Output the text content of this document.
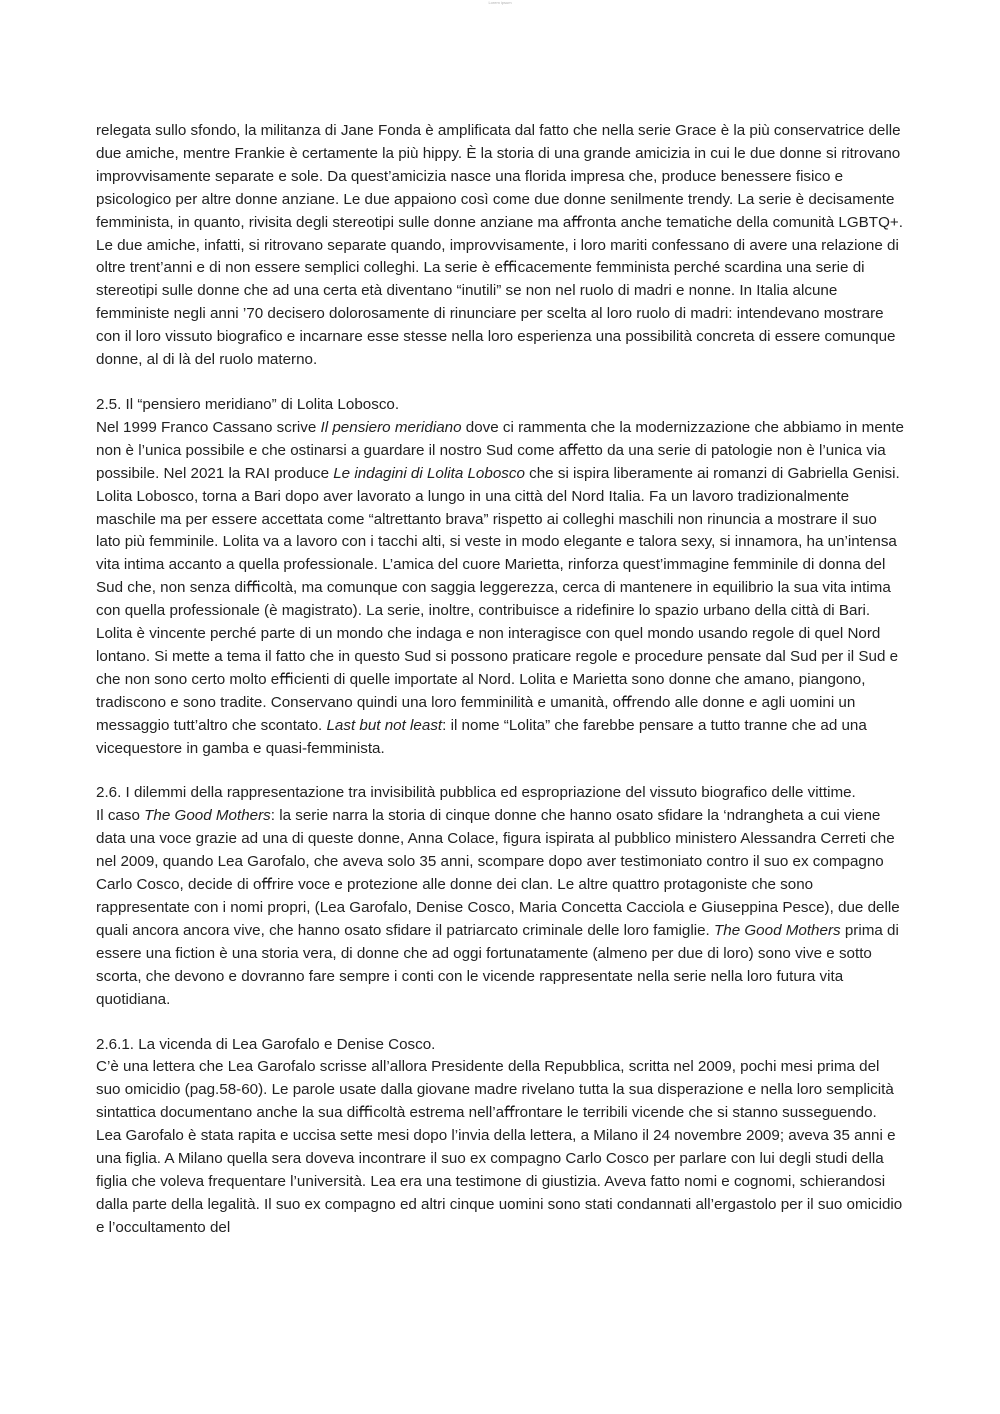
Lorem ipsum

relegata sullo sfondo, la militanza di Jane Fonda è ampliﬁcata dal fatto che nella serie Grace è la più conservatrice delle due amiche, mentre Frankie è certamente la più hippy. È la storia di una grande amicizia in cui le due donne si ritrovano improvvisamente separate e sole. Da quest’amicizia nasce una ﬂorida impresa che, produce benessere ﬁsico e psicologico per altre donne anziane. Le due appaiono così come due donne senilmente trendy. La serie è decisamente femminista, in quanto, rivisita degli stereotipi sulle donne anziane ma aﬀronta anche tematiche della comunità LGBTQ+. Le due amiche, infatti, si ritrovano separate quando, improvvisamente, i loro mariti confessano di avere una relazione di oltre trent’anni e di non essere semplici colleghi. La serie è eﬃcacemente femminista perché scardina una serie di stereotipi sulle donne che ad una certa età diventano “inutili” se non nel ruolo di madri e nonne. In Italia alcune femministe negli anni ’70 decisero dolorosamente di rinunciare per scelta al loro ruolo di madri: intendevano mostrare con il loro vissuto biograﬁco e incarnare esse stesse nella loro esperienza una possibilità concreta di essere comunque donne, al di là del ruolo materno.

2.5. Il “pensiero meridiano” di Lolita Lobosco.

Nel 1999 Franco Cassano scrive Il pensiero meridiano dove ci rammenta che la modernizzazione che abbiamo in mente non è l’unica possibile e che ostinarsi a guardare il nostro Sud come aﬀetto da una serie di patologie non è l’unica via possibile. Nel 2021 la RAI produce Le indagini di Lolita Lobosco che si ispira liberamente ai romanzi di Gabriella Genisi. Lolita Lobosco, torna a Bari dopo aver lavorato a lungo in una città del Nord Italia. Fa un lavoro tradizionalmente maschile ma per essere accettata come “altrettanto brava” rispetto ai colleghi maschili non rinuncia a mostrare il suo lato più femminile. Lolita va a lavoro con i tacchi alti, si veste in modo elegante e talora sexy, si innamora, ha un’intensa vita intima accanto a quella professionale. L’amica del cuore Marietta, rinforza quest’immagine femminile di donna del Sud che, non senza diﬃcoltà, ma comunque con saggia leggerezza, cerca di mantenere in equilibrio la sua vita intima con quella professionale (è magistrato). La serie, inoltre, contribuisce a rideﬁnire lo spazio urbano della città di Bari. Lolita è vincente perché parte di un mondo che indaga e non interagisce con quel mondo usando regole di quel Nord lontano. Si mette a tema il fatto che in questo Sud si possono praticare regole e procedure pensate dal Sud per il Sud e che non sono certo molto eﬃcienti di quelle importate al Nord. Lolita e Marietta sono donne che amano, piangono, tradiscono e sono tradite. Conservano quindi una loro femminilità e umanità, oﬀrendo alle donne e agli uomini un messaggio tutt’altro che scontato. Last but not least: il nome “Lolita” che farebbe pensare a tutto tranne che ad una vicequestore in gamba e quasi-femminista.

2.6. I dilemmi della rappresentazione tra invisibilità pubblica ed espropriazione del vissuto biograﬁco delle vittime.

Il caso The Good Mothers: la serie narra la storia di cinque donne che hanno osato sﬁdare la ‘ndrangheta a cui viene data una voce grazie ad una di queste donne, Anna Colace, ﬁgura ispirata al pubblico ministero Alessandra Cerreti che nel 2009, quando Lea Garofalo, che aveva solo 35 anni, scompare dopo aver testimoniato contro il suo ex compagno Carlo Cosco, decide di oﬀrire voce e protezione alle donne dei clan. Le altre quattro protagoniste che sono rappresentate con i nomi propri, (Lea Garofalo, Denise Cosco, Maria Concetta Cacciola e Giuseppina Pesce), due delle quali ancora ancora vive, che hanno osato sﬁdare il patriarcato criminale delle loro famiglie. The Good Mothers prima di essere una ﬁction è una storia vera, di donne che ad oggi fortunatamente (almeno per due di loro) sono vive e sotto scorta, che devono e dovranno fare sempre i conti con le vicende rappresentate nella serie nella loro futura vita quotidiana.

2.6.1. La vicenda di Lea Garofalo e Denise Cosco.

C’è una lettera che Lea Garofalo scrisse all’allora Presidente della Repubblica, scritta nel 2009, pochi mesi prima del suo omicidio (pag.58-60). Le parole usate dalla giovane madre rivelano tutta la sua disperazione e nella loro semplicità sintattica documentano anche la sua diﬃcoltà estrema nell’aﬀrontare le terribili vicende che si stanno susseguendo. Lea Garofalo è stata rapita e uccisa sette mesi dopo l’invia della lettera, a Milano il 24 novembre 2009; aveva 35 anni e una ﬁglia. A Milano quella sera doveva incontrare il suo ex compagno Carlo Cosco per parlare con lui degli studi della ﬁglia che voleva frequentare l’università. Lea era una testimone di giustizia. Aveva fatto nomi e cognomi, schierandosi dalla parte della legalità. Il suo ex compagno ed altri cinque uomini sono stati condannati all’ergastolo per il suo omicidio e l’occultamento del
